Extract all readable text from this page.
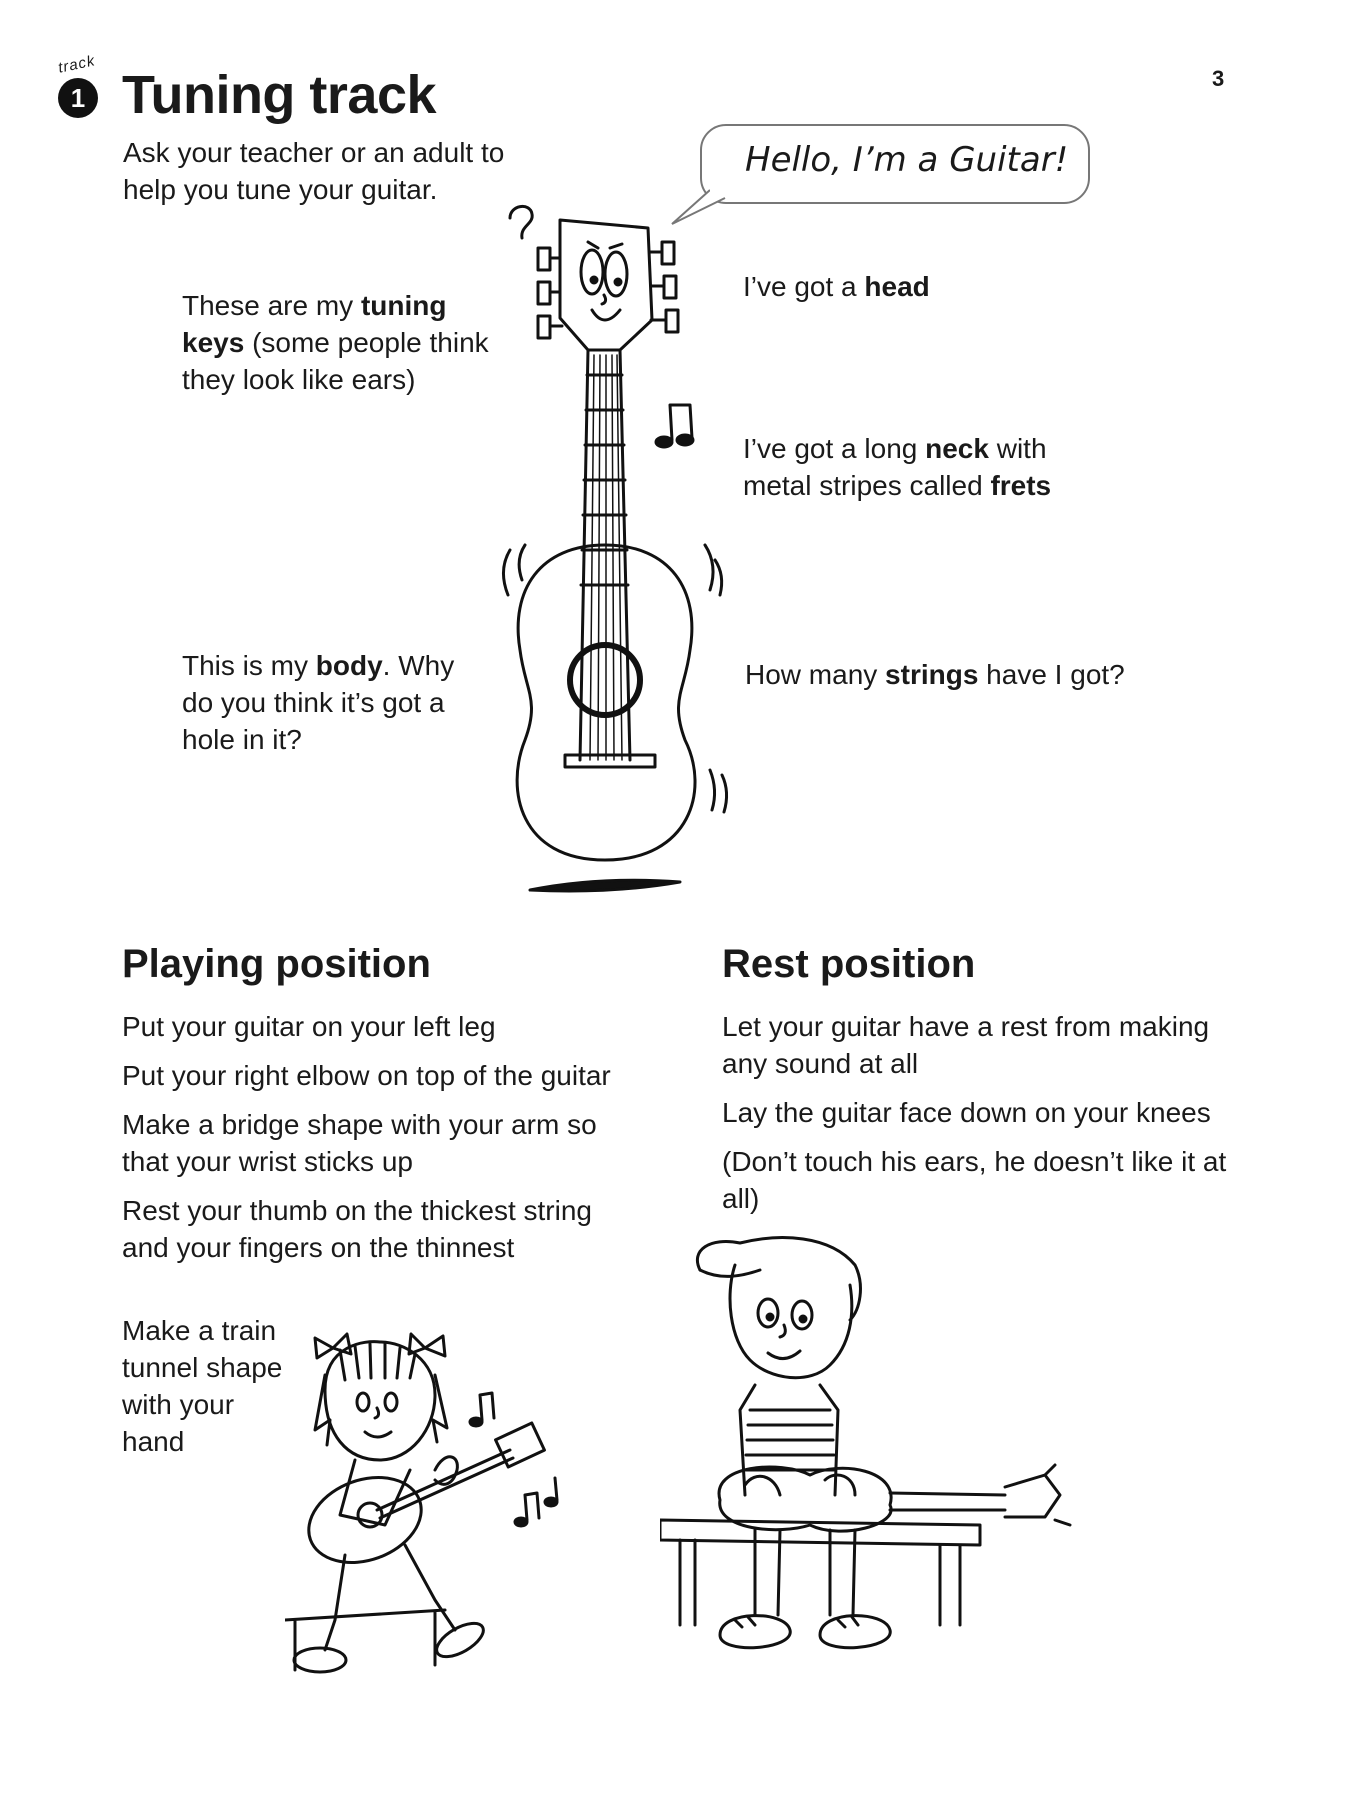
3
track
1 Tuning track
Ask your teacher or an adult to help you tune your guitar.
Hello, I’m a Guitar!
These are my tuning keys (some people think they look like ears)
I’ve got a head
I’ve got a long neck with metal stripes called frets
This is my body. Why do you think it’s got a hole in it?
How many strings have I got?
Playing position	Rest position
Put your guitar on your left leg
Put your right elbow on top of the guitar
Make a bridge shape with your arm so that your wrist sticks up
Rest your thumb on the thickest string and your fingers on the thinnest
Make a train tunnel shape with your hand
Let your guitar have a rest from making any sound at all
Lay the guitar face down on your knees
(Don’t touch his ears, he doesn’t like it at all)
